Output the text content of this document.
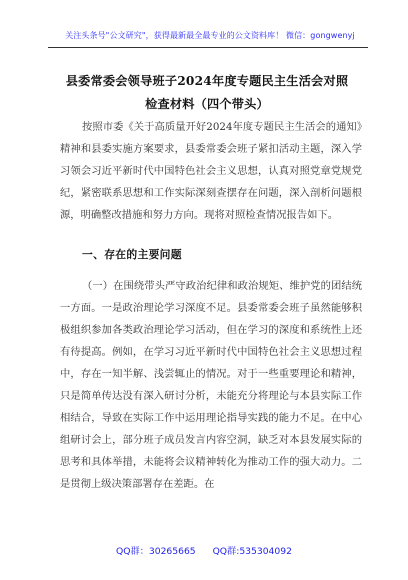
关注头条号"公文研究"，获得最新最全最专业的公文资料库！ 微信：gongwenyj
县委常委会领导班子2024年度专题民主生活会对照检查材料（四个带头）
按照市委《关于高质量开好2024年度专题民主生活会的通知》精神和县委实施方案要求，县委常委会班子紧扣活动主题，深入学习领会习近平新时代中国特色社会主义思想，认真对照党章党规党纪，紧密联系思想和工作实际深刻查摆存在问题，深入剖析问题根源，明确整改措施和努力方向。现将对照检查情况报告如下。
一、存在的主要问题
（一）在围绕带头严守政治纪律和政治规矩、维护党的团结统一方面。一是政治理论学习深度不足。县委常委会班子虽然能够积极组织参加各类政治理论学习活动，但在学习的深度和系统性上还有待提高。例如，在学习习近平新时代中国特色社会主义思想过程中，存在一知半解、浅尝辄止的情况。对于一些重要理论和精神，只是简单传达没有深入研讨分析，未能充分将理论与本县实际工作相结合，导致在实际工作中运用理论指导实践的能力不足。在中心组研讨会上，部分班子成员发言内容空洞，缺乏对本县发展实际的思考和具体举措，未能将会议精神转化为推动工作的强大动力。二是贯彻上级决策部署存在差距。在
QQ群：30265665 QQ群:535304092
